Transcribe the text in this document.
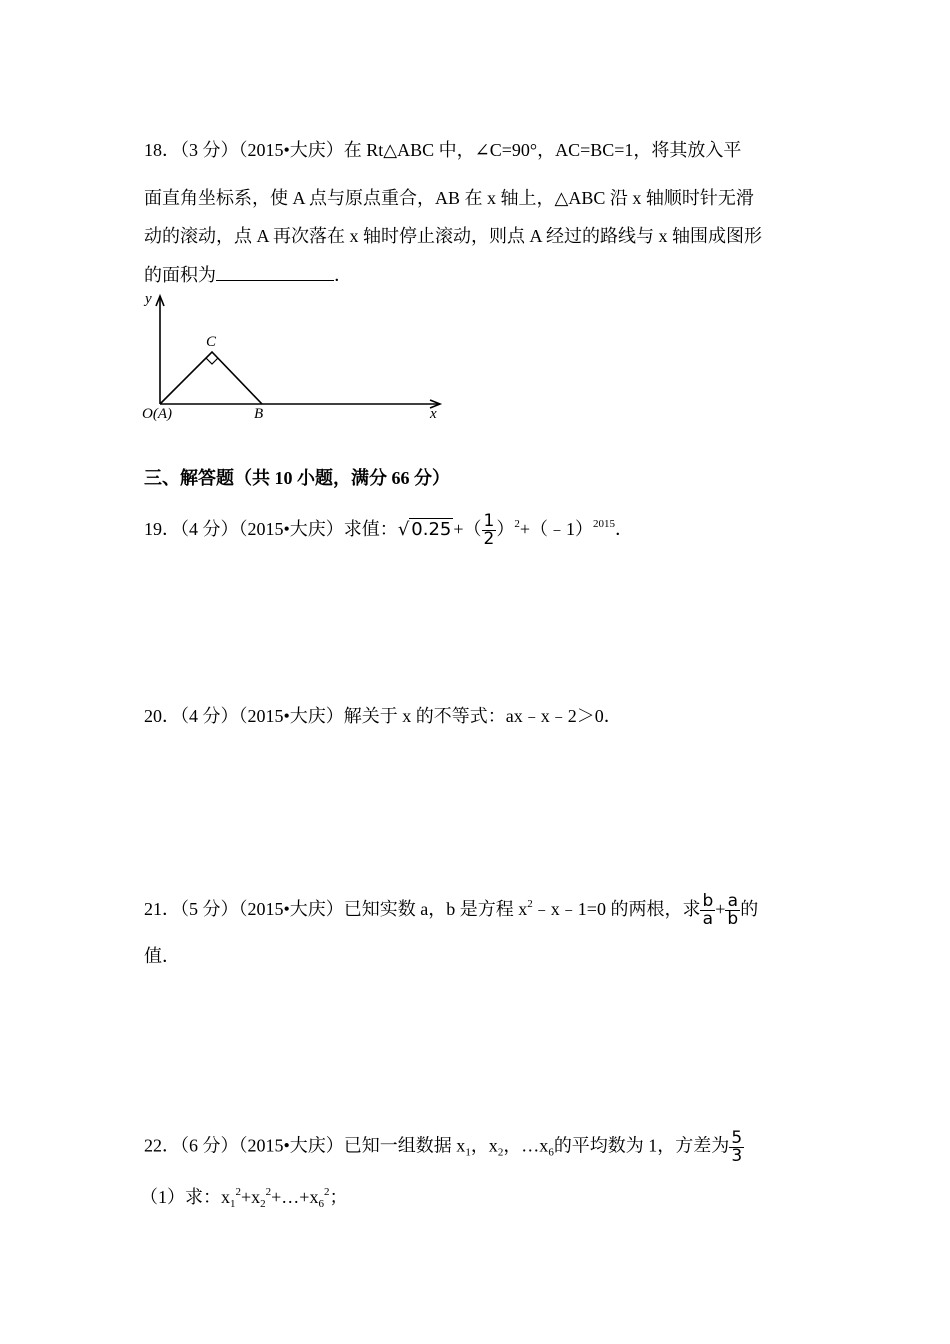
18．（3 分）（2015•大庆）在 Rt△ABC 中，∠C=90°，AC=BC=1，将其放入平
面直角坐标系，使 A 点与原点重合，AB 在 x 轴上，△ABC 沿 x 轴顺时针无滑
动的滚动，点 A 再次落在 x 轴时停止滚动，则点 A 经过的路线与 x 轴围成图形
的面积为	．
y
C
O(A)	B	x
三、解答题（共 10 小题，满分 66 分）
19．（4 分）（2015•大庆）求值：√ 0.25 +（ $\frac{1}{2}$ ）$^2$+（﹣1）$^{2015}$．
20．（4 分）（2015•大庆）解关于 x 的不等式：ax﹣x﹣2＞0．
21．（5 分）（2015•大庆）已知实数 a，b 是方程 $x^2﹣x﹣1=0$ 的两根，求 $\frac{b}{a} + \frac{a}{b}$ 的
值．
22．（6 分）（2015•大庆）已知一组数据 $x_1$，$x_2$，$\dots x_6$的平均数为 1，方差为 $\frac{5}{3}$
（1）求：$x_1^2+x_2^2+\dots+x_6^2$；
